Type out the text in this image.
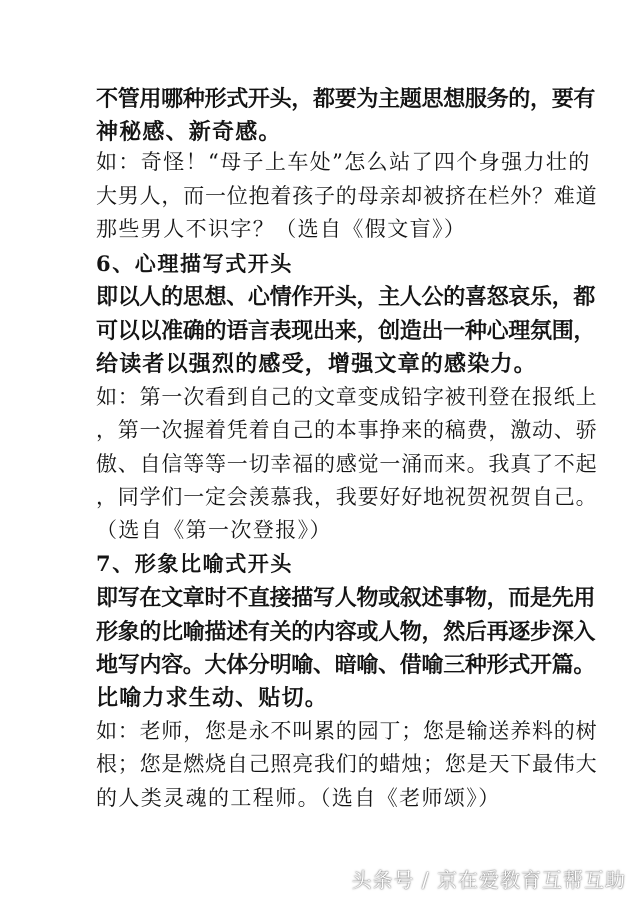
不管用哪种形式开头，都要为主题思想服务的，要有
神秘感、新奇感。
如：奇怪！“母子上车处”怎么站了四个身强力壮的
大男人，而一位抱着孩子的母亲却被挤在栏外？难道
那些男人不识字？（选自《假文盲》）
6、心理描写式开头
即以人的思想、心情作开头，主人公的喜怒哀乐，都
可以以准确的语言表现出来，创造出一种心理氛围，
给读者以强烈的感受，增强文章的感染力。
如：第一次看到自己的文章变成铅字被刊登在报纸上
，第一次握着凭着自己的本事挣来的稿费，激动、骄
傲、自信等等一切幸福的感觉一涌而来。我真了不起
，同学们一定会羡慕我，我要好好地祝贺祝贺自己。
（选自《第一次登报》）
7、形象比喻式开头
即写在文章时不直接描写人物或叙述事物，而是先用
形象的比喻描述有关的内容或人物，然后再逐步深入
地写内容。大体分明喻、暗喻、借喻三种形式开篇。
比喻力求生动、贴切。
如：老师，您是永不叫累的园丁；您是输送养料的树
根；您是燃烧自己照亮我们的蜡烛；您是天下最伟大
的人类灵魂的工程师。（选自《老师颂》）
头条号 / 京在爱教育互帮互助
